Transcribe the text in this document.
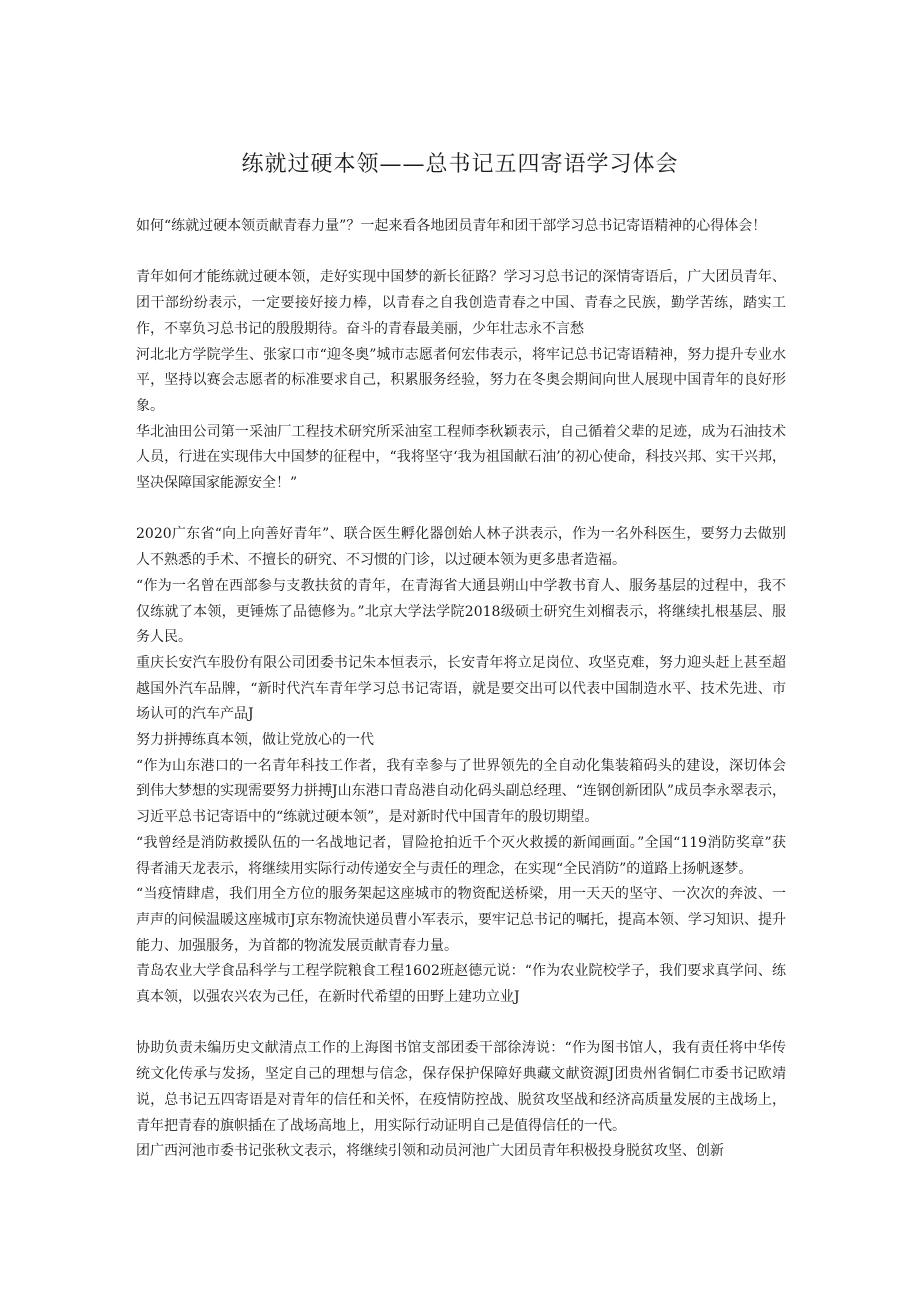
练就过硬本领——总书记五四寄语学习体会

如何“练就过硬本领贡献青春力量”？一起来看各地团员青年和团干部学习总书记寄语精神的心得体会！

青年如何才能练就过硬本领，走好实现中国梦的新长征路？学习习总书记的深情寄语后，广大团员青年、团干部纷纷表示，一定要接好接力棒，以青春之自我创造青春之中国、青春之民族，勤学苦练，踏实工作，不辜负习总书记的殷殷期待。奋斗的青春最美丽，少年壮志永不言愁

河北北方学院学生、张家口市“迎冬奥”城市志愿者何宏伟表示，将牢记总书记寄语精神，努力提升专业水平，坚持以赛会志愿者的标准要求自己，积累服务经验，努力在冬奥会期间向世人展现中国青年的良好形象。

华北油田公司第一采油厂工程技术研究所采油室工程师李秋颖表示，自己循着父辈的足迹，成为石油技术人员，行进在实现伟大中国梦的征程中，“我将坚守‘我为祖国献石油’的初心使命，科技兴邦、实干兴邦，坚决保障国家能源安全！”

2020广东省“向上向善好青年”、联合医生孵化器创始人林子洪表示，作为一名外科医生，要努力去做别人不熟悉的手术、不擅长的研究、不习惯的门诊，以过硬本领为更多患者造福。

“作为一名曾在西部参与支教扶贫的青年，在青海省大通县朔山中学教书育人、服务基层的过程中，我不仅练就了本领，更锤炼了品德修为。”北京大学法学院2018级硕士研究生刘榴表示，将继续扎根基层、服务人民。

重庆长安汽车股份有限公司团委书记朱本恒表示，长安青年将立足岗位、攻坚克难，努力迎头赶上甚至超越国外汽车品牌，“新时代汽车青年学习总书记寄语，就是要交出可以代表中国制造水平、技术先进、市场认可的汽车产品J

努力拼搏练真本领，做让党放心的一代

“作为山东港口的一名青年科技工作者，我有幸参与了世界领先的全自动化集装箱码头的建设，深切体会到伟大梦想的实现需要努力拼搏J山东港口青岛港自动化码头副总经理、“连钢创新团队”成员李永翠表示，习近平总书记寄语中的“练就过硬本领”，是对新时代中国青年的殷切期望。

“我曾经是消防救援队伍的一名战地记者，冒险抢拍近千个灭火救援的新闻画面。”全国“119消防奖章”获得者浦天龙表示，将继续用实际行动传递安全与责任的理念，在实现“全民消防”的道路上扬帆逐梦。

“当疫情肆虐，我们用全方位的服务架起这座城市的物资配送桥梁，用一天天的坚守、一次次的奔波、一声声的问候温暖这座城市J京东物流快递员曹小军表示，要牢记总书记的嘱托，提高本领、学习知识、提升能力、加强服务，为首都的物流发展贡献青春力量。

青岛农业大学食品科学与工程学院粮食工程1602班赵德元说：“作为农业院校学子，我们要求真学问、练真本领，以强农兴农为己任，在新时代希望的田野上建功立业J

协助负责未编历史文献清点工作的上海图书馆支部团委干部徐涛说：“作为图书馆人，我有责任将中华传统文化传承与发扬，坚定自己的理想与信念，保存保护保障好典藏文献资源J团贵州省铜仁市委书记欧靖说，总书记五四寄语是对青年的信任和关怀，在疫情防控战、脱贫攻坚战和经济高质量发展的主战场上，青年把青春的旗帜插在了战场高地上，用实际行动证明自己是值得信任的一代。

团广西河池市委书记张秋文表示，将继续引领和动员河池广大团员青年积极投身脱贫攻坚、创新
